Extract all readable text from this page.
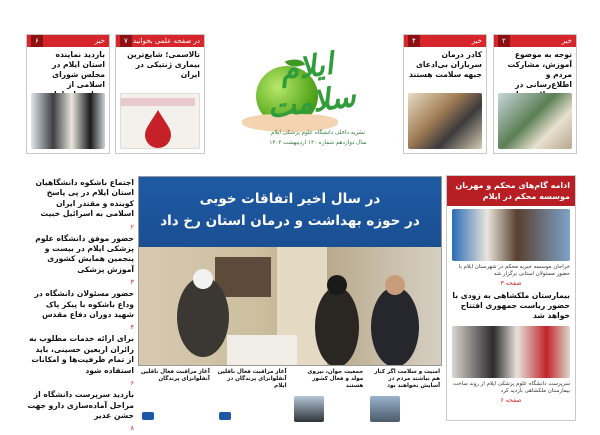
خبر
۲
توجه به موضوع آموزش، مشارکت مردم و اطلاع‌رسانی در
خبر
۴
کادر درمان سربازان بی‌ادعای جبهه سلامت هستند
در صفحه علمی بخوانید
۷
تالاسمی؛ شایع‌ترین بیماری ژنتیکی در ایران
خبر
۶
بازدید نماینده استان ایلام در مجلس شورای اسلامی از	ایلام سلامت
نشریه داخلی دانشگاه علوم پزشکی ایلام
سال دوازدهم شماره ۱۴۰ اردیبهشت ۱۴۰۳
اجتماع باشکوه دانشگاهیان استان ایلام در پی پاسخ کوبنده و مقتدر ایران اسلامی به اسرائیل خبیث
۲
حضور موفق دانشگاه علوم پزشکی ایلام در بیست و پنجمین همایش کشوری آموزش پزشکی
۳
حضور مسئولان دانشگاه در وداع باشکوه با پیکر پاک شهید دوران دفاع مقدس
۴
برای ارائه خدمات مطلوب به زائران اربعین حسینی، باید از تمام ظرفیت‌ها و امکانات استفاده شود
۶
بازدید سرپرست دانشگاه از مراحل آماده‌سازی دارو جهت جشن غدیر
۸
در سال اخیر اتفاقات خوبی
در حوزه بهداشت و درمان استان رخ داد
ادامه گام‌های محکم و مهربان موسسه محکم در ایلام
خراجان موسسه خیریه محکم در شهرستان ایلام با حضور مسئولان استانی برگزار شد
صفحه ۳
بیمارستان ملکشاهی به زودی با حضور ریاست جمهوری افتتاح خواهد شد
سرپرست دانشگاه علوم پزشکی ایلام از روند ساخت بیمارستان ملکشاهی بازدید کرد
صفحه ۶
امنیت و سلامت اگر کنار هم نباشند مردم در آسایش نخواهند بود
جمعیت جوان، نیروی مولد و فعال کشور هستند
آغاز مراقبت فعال ناقلین آنفلوانزای پرندگان در ایلام
آغاز مراقبت فعال ناقلین آنفلوانزای پرندگان
